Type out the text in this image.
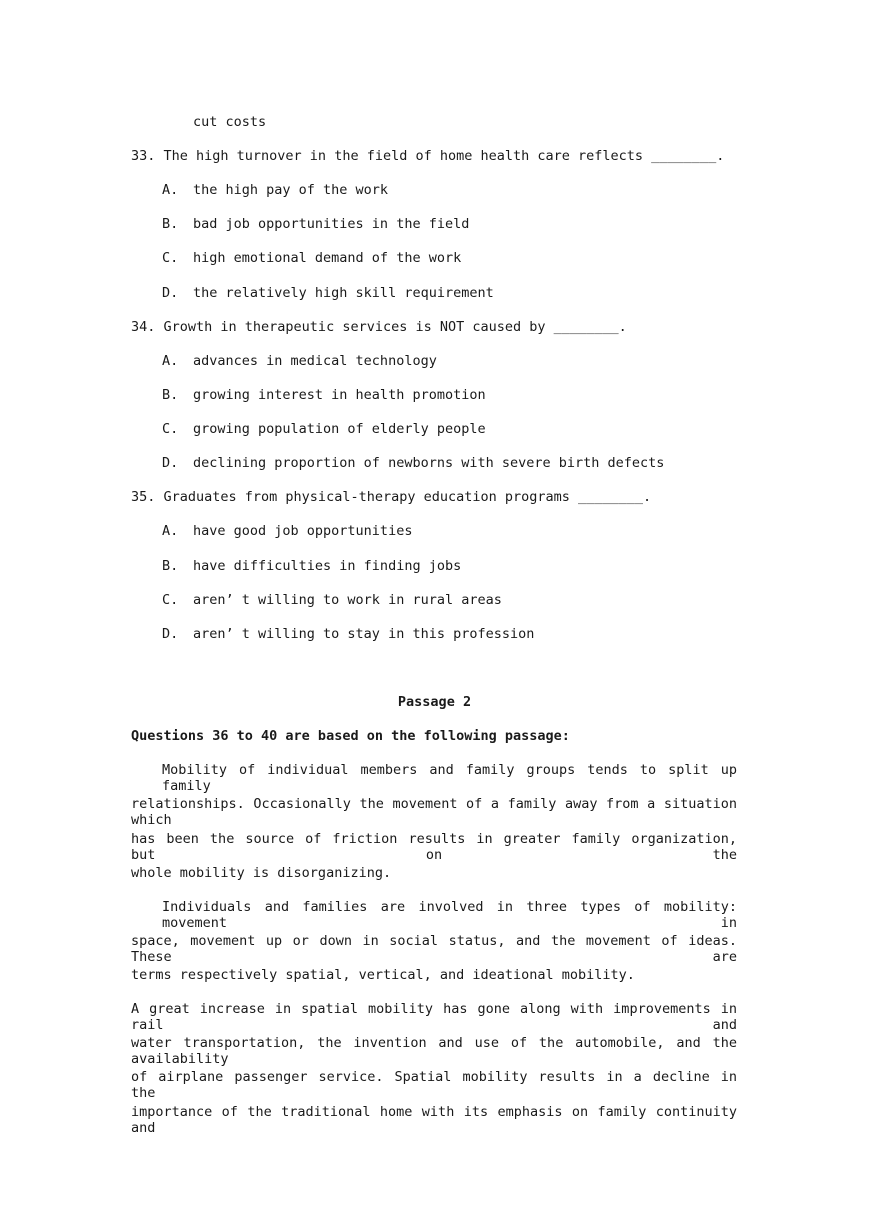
cut costs
33. The high turnover in the field of home health care reflects ________.
A. the high pay of the work
B. bad job opportunities in the field
C. high emotional demand of the work
D. the relatively high skill requirement
34. Growth in therapeutic services is NOT caused by ________.
A. advances in medical technology
B. growing interest in health promotion
C. growing population of elderly people
D. declining proportion of newborns with severe birth defects
35. Graduates from physical-therapy education programs ________.
A. have good job opportunities
B. have difficulties in finding jobs
C. aren’ t willing to work in rural areas
D. aren’ t willing to stay in this profession
Passage 2
Questions 36 to 40 are based on the following passage:
Mobility of individual members and family groups tends to split up family
relationships. Occasionally the movement of a family away from a situation which
has been the source of friction results in greater family organization, but on the
whole mobility is disorganizing.
Individuals and families are involved in three types of mobility: movement in
space, movement up or down in social status, and the movement of ideas. These are
terms respectively spatial, vertical, and ideational mobility.
A great increase in spatial mobility has gone along with improvements in rail and
water transportation, the invention and use of the automobile, and the availability
of airplane passenger service. Spatial mobility results in a decline in the
importance of the traditional home with its emphasis on family continuity and
